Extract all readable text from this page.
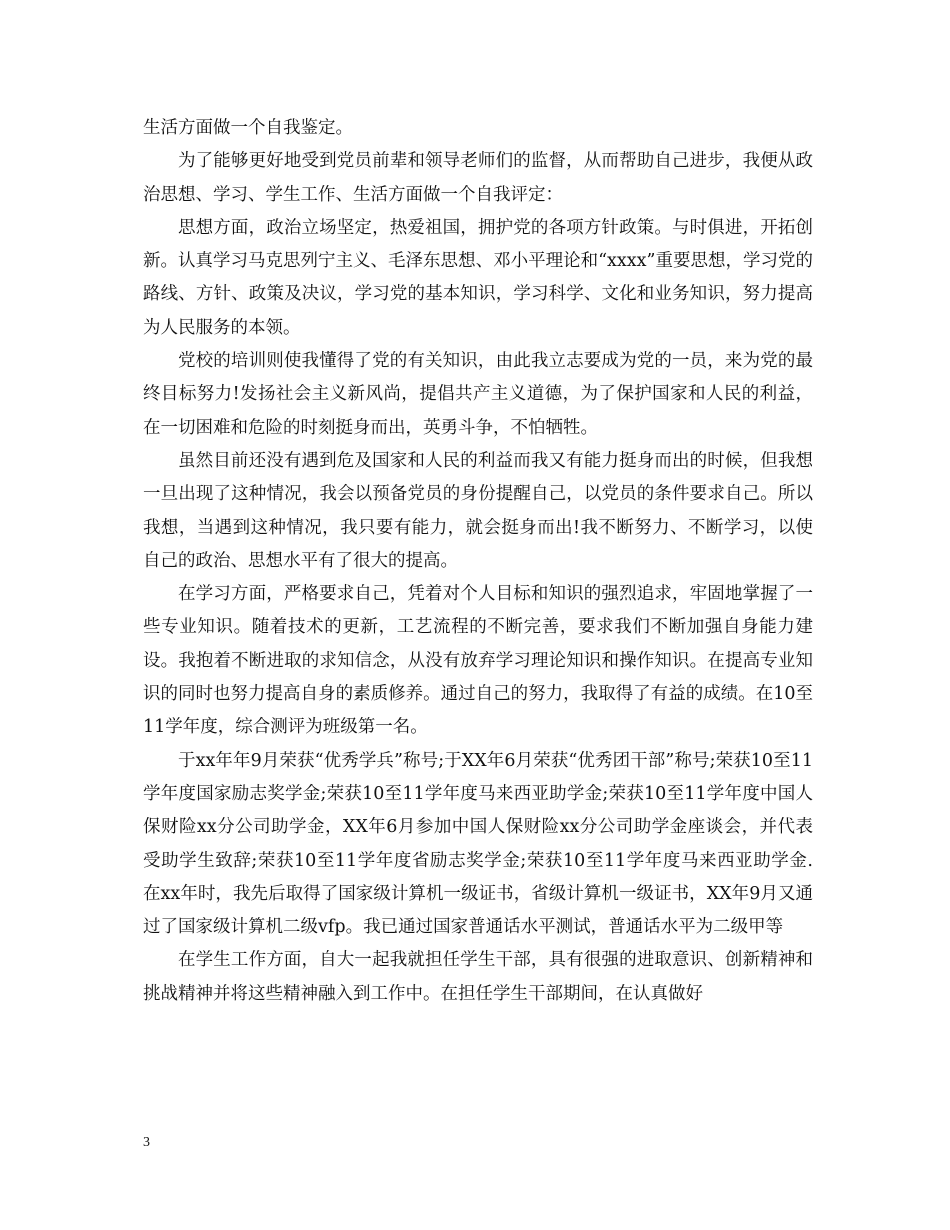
生活方面做一个自我鉴定。

为了能够更好地受到党员前辈和领导老师们的监督，从而帮助自己进步，我便从政治思想、学习、学生工作、生活方面做一个自我评定：

思想方面，政治立场坚定，热爱祖国，拥护党的各项方针政策。与时俱进，开拓创新。认真学习马克思列宁主义、毛泽东思想、邓小平理论和“xxxx”重要思想，学习党的路线、方针、政策及决议，学习党的基本知识，学习科学、文化和业务知识，努力提高为人民服务的本领。

党校的培训则使我懂得了党的有关知识，由此我立志要成为党的一员，来为党的最终目标努力!发扬社会主义新风尚，提倡共产主义道德，为了保护国家和人民的利益，在一切困难和危险的时刻挺身而出，英勇斗争，不怕牺牲。

虽然目前还没有遇到危及国家和人民的利益而我又有能力挺身而出的时候，但我想一旦出现了这种情况，我会以预备党员的身份提醒自己，以党员的条件要求自己。所以我想，当遇到这种情况，我只要有能力，就会挺身而出!我不断努力、不断学习，以使自己的政治、思想水平有了很大的提高。

在学习方面，严格要求自己，凭着对个人目标和知识的强烈追求，牢固地掌握了一些专业知识。随着技术的更新，工艺流程的不断完善，要求我们不断加强自身能力建设。我抱着不断进取的求知信念，从没有放弃学习理论知识和操作知识。在提高专业知识的同时也努力提高自身的素质修养。通过自己的努力，我取得了有益的成绩。在10至11学年度，综合测评为班级第一名。

于xx年年9月荣获“优秀学兵”称号;于XX年6月荣获“优秀团干部”称号;荣获10至11学年度国家励志奖学金;荣获10至11学年度马来西亚助学金;荣获10至11学年度中国人保财险xx分公司助学金，XX年6月参加中国人保财险xx分公司助学金座谈会，并代表受助学生致辞;荣获10至11学年度省励志奖学金;荣获10至11学年度马来西亚助学金.　　在xx年时，我先后取得了国家级计算机一级证书，省级计算机一级证书，XX年9月又通过了国家级计算机二级vfp。我已通过国家普通话水平测试，普通话水平为二级甲等

在学生工作方面，自大一起我就担任学生干部，具有很强的进取意识、创新精神和挑战精神并将这些精神融入到工作中。在担任学生干部期间，在认真做好

3
